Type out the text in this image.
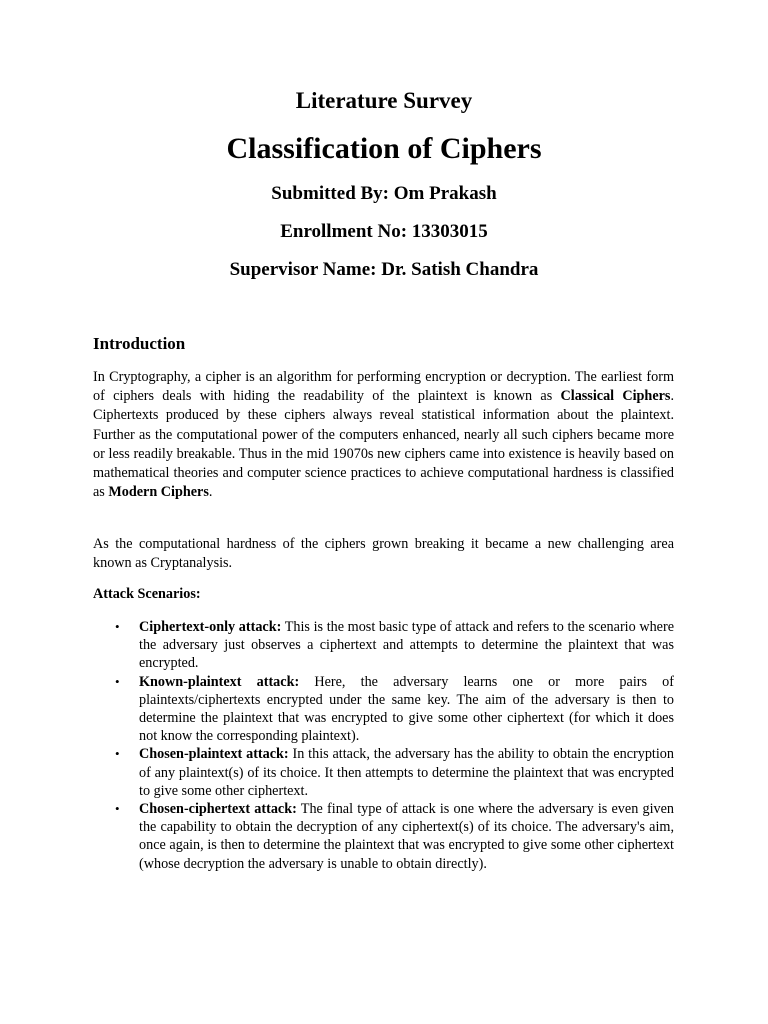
Literature Survey
Classification of Ciphers
Submitted By: Om Prakash
Enrollment No: 13303015
Supervisor Name: Dr. Satish Chandra
Introduction

In Cryptography, a cipher is an algorithm for performing encryption or decryption. The earliest form of ciphers deals with hiding the readability of the plaintext is known as Classical Ciphers. Ciphertexts produced by these ciphers always reveal statistical information about the plaintext. Further as the computational power of the computers enhanced, nearly all such ciphers became more or less readily breakable. Thus in the mid 19070s new ciphers came into existence is heavily based on mathematical theories and computer science practices to achieve computational hardness is classified as Modern Ciphers.

As the computational hardness of the ciphers grown breaking it became a new challenging area known as Cryptanalysis.

Attack Scenarios:
• Ciphertext-only attack: This is the most basic type of attack and refers to the scenario where the adversary just observes a ciphertext and attempts to determine the plaintext that was encrypted.
• Known-plaintext attack: Here, the adversary learns one or more pairs of plaintexts/ciphertexts encrypted under the same key. The aim of the adversary is then to determine the plaintext that was encrypted to give some other ciphertext (for which it does not know the corresponding plaintext).
• Chosen-plaintext attack: In this attack, the adversary has the ability to obtain the encryption of any plaintext(s) of its choice. It then attempts to determine the plaintext that was encrypted to give some other ciphertext.
• Chosen-ciphertext attack: The final type of attack is one where the adversary is even given the capability to obtain the decryption of any ciphertext(s) of its choice. The adversary's aim, once again, is then to determine the plaintext that was encrypted to give some other ciphertext (whose decryption the adversary is unable to obtain directly).
